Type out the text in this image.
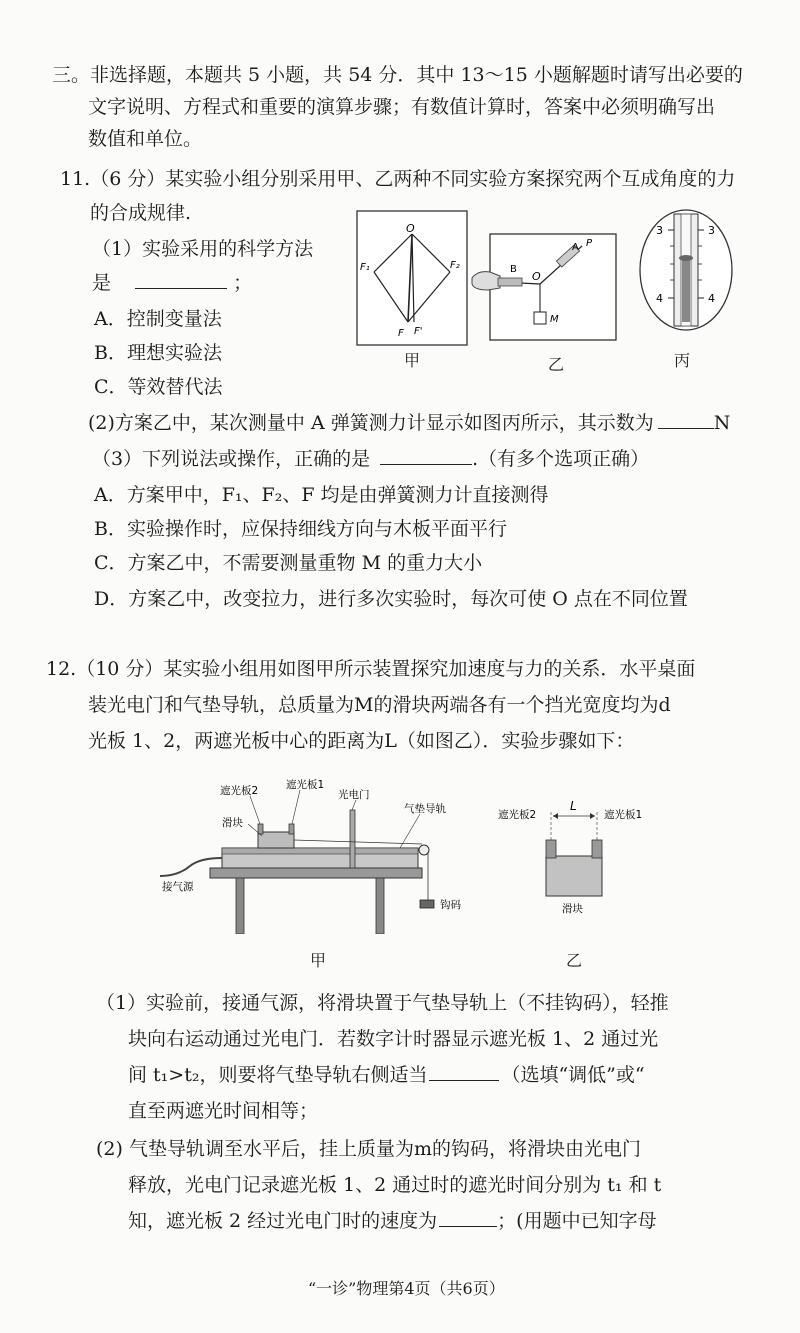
三。非选择题，本题共 5 小题，共 54 分．其中 13～15 小题解题时请写出必要的
文字说明、方程式和重要的演算步骤；有数值计算时，答案中必须明确写出
数值和单位。
11.（6 分）某实验小组分别采用甲、乙两种不同实验方案探究两个互成角度的力
的合成规律.
（1）实验采用的科学方法
是	；
A．控制变量法
B．理想实验法
C．等效替代法
O
F₁	F₂
F F'
甲
A P
B
O
M
乙
3	3
4	4
丙
(2)方案乙中，某次测量中 A 弹簧测力计显示如图丙所示，其示数为	N
（3）下列说法或操作，正确的是	.（有多个选项正确）
A．方案甲中，F₁、F₂、F 均是由弹簧测力计直接测得
B．实验操作时，应保持细线方向与木板平面平行
C．方案乙中，不需要测量重物 M 的重力大小
D．方案乙中，改变拉力，进行多次实验时，每次可使 O 点在不同位置
12.（10 分）某实验小组用如图甲所示装置探究加速度与力的关系．水平桌面
装光电门和气垫导轨，总质量为M的滑块两端各有一个挡光宽度均为d
光板 1、2，两遮光板中心的距离为L（如图乙）．实验步骤如下：
遮光板2	遮光板1
滑块
光电门
气垫导轨
接气源
钩码
甲
遮光板2
L
遮光板1
滑块
乙
（1）实验前，接通气源，将滑块置于气垫导轨上（不挂钩码），轻推
块向右运动通过光电门．若数字计时器显示遮光板 1、2 通过光
间 t₁>t₂，则要将气垫导轨右侧适当	（选填“调低”或“
直至两遮光时间相等；
(2) 气垫导轨调至水平后，挂上质量为m的钩码，将滑块由光电门
释放，光电门记录遮光板 1、2 通过时的遮光时间分别为 t₁ 和 t
知，遮光板 2 经过光电门时的速度为	；(用题中已知字母
“一诊”物理第4页（共6页）
